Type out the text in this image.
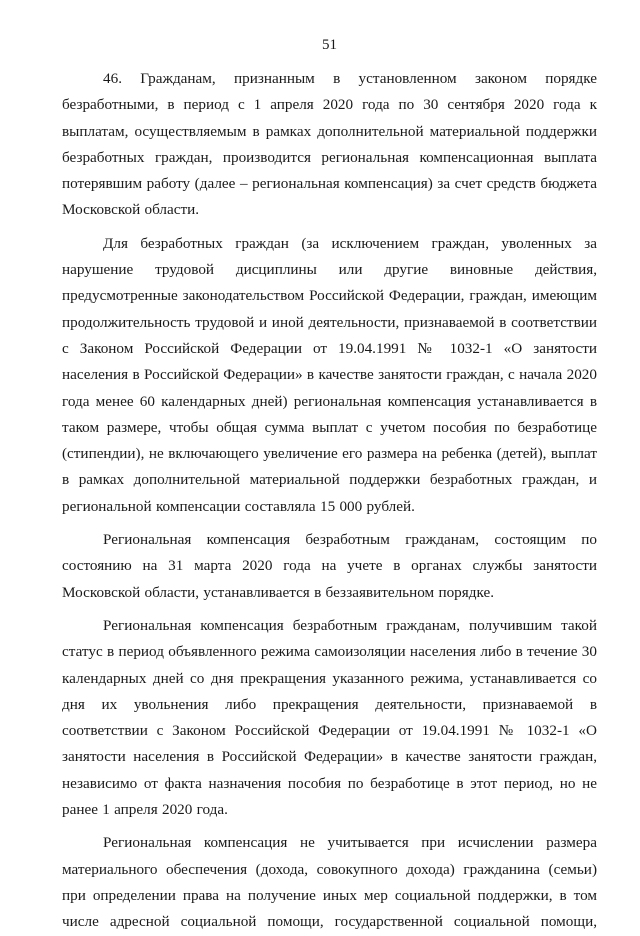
51

46. Гражданам, признанным в установленном законом порядке безработными, в период с 1 апреля 2020 года по 30 сентября 2020 года к выплатам, осуществляемым в рамках дополнительной материальной поддержки безработных граждан, производится региональная компенсационная выплата потерявшим работу (далее – региональная компенсация) за счет средств бюджета Московской области.

Для безработных граждан (за исключением граждан, уволенных за нарушение трудовой дисциплины или другие виновные действия, предусмотренные законодательством Российской Федерации, граждан, имеющим продолжительность трудовой и иной деятельности, признаваемой в соответствии с Законом Российской Федерации от 19.04.1991 № 1032-1 «О занятости населения в Российской Федерации» в качестве занятости граждан, с начала 2020 года менее 60 календарных дней) региональная компенсация устанавливается в таком размере, чтобы общая сумма выплат с учетом пособия по безработице (стипендии), не включающего увеличение его размера на ребенка (детей), выплат в рамках дополнительной материальной поддержки безработных граждан, и региональной компенсации составляла 15 000 рублей.

Региональная компенсация безработным гражданам, состоящим по состоянию на 31 марта 2020 года на учете в органах службы занятости Московской области, устанавливается в беззаявительном порядке.

Региональная компенсация безработным гражданам, получившим такой статус в период объявленного режима самоизоляции населения либо в течение 30 календарных дней со дня прекращения указанного режима, устанавливается со дня их увольнения либо прекращения деятельности, признаваемой в соответствии с Законом Российской Федерации от 19.04.1991 № 1032-1 «О занятости населения в Российской Федерации» в качестве занятости граждан, независимо от факта назначения пособия по безработице в этот период, но не ранее 1 апреля 2020 года.

Региональная компенсация не учитывается при исчислении размера материального обеспечения (дохода, совокупного дохода) гражданина (семьи) при определении права на получение иных мер социальной поддержки, в том числе адресной социальной помощи, государственной социальной помощи,
